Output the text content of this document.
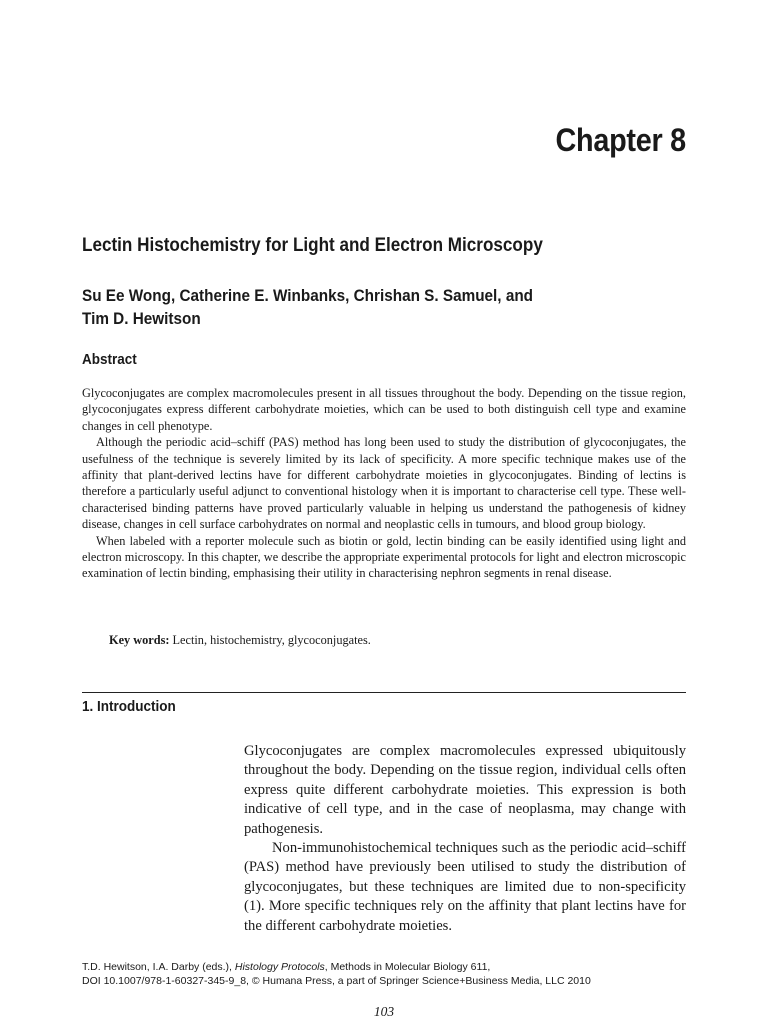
Chapter 8
Lectin Histochemistry for Light and Electron Microscopy
Su Ee Wong, Catherine E. Winbanks, Chrishan S. Samuel, and
Tim D. Hewitson
Abstract

Glycoconjugates are complex macromolecules present in all tissues throughout the body. Depending on the tissue region, glycoconjugates express different carbohydrate moieties, which can be used to both distinguish cell type and examine changes in cell phenotype.

Although the periodic acid–schiff (PAS) method has long been used to study the distribution of glycoconjugates, the usefulness of the technique is severely limited by its lack of specificity. A more specific technique makes use of the affinity that plant-derived lectins have for different carbohydrate moieties in glycoconjugates. Binding of lectins is therefore a particularly useful adjunct to conventional histology when it is important to characterise cell type. These well-characterised binding patterns have proved particularly valuable in helping us understand the pathogenesis of kidney disease, changes in cell surface carbohydrates on normal and neoplastic cells in tumours, and blood group biology.

When labeled with a reporter molecule such as biotin or gold, lectin binding can be easily identified using light and electron microscopy. In this chapter, we describe the appropriate experimental protocols for light and electron microscopic examination of lectin binding, emphasising their utility in characterising nephron segments in renal disease.

Key words: Lectin, histochemistry, glycoconjugates.
1. Introduction

Glycoconjugates are complex macromolecules expressed ubiquitously throughout the body. Depending on the tissue region, individual cells often express quite different carbohydrate moieties. This expression is both indicative of cell type, and in the case of neoplasma, may change with pathogenesis.

Non-immunohistochemical techniques such as the periodic acid–schiff (PAS) method have previously been utilised to study the distribution of glycoconjugates, but these techniques are limited due to non-specificity (1). More specific techniques rely on the affinity that plant lectins have for the different carbohydrate moieties.

T.D. Hewitson, I.A. Darby (eds.), Histology Protocols, Methods in Molecular Biology 611,
DOI 10.1007/978-1-60327-345-9_8, © Humana Press, a part of Springer Science+Business Media, LLC 2010
103
